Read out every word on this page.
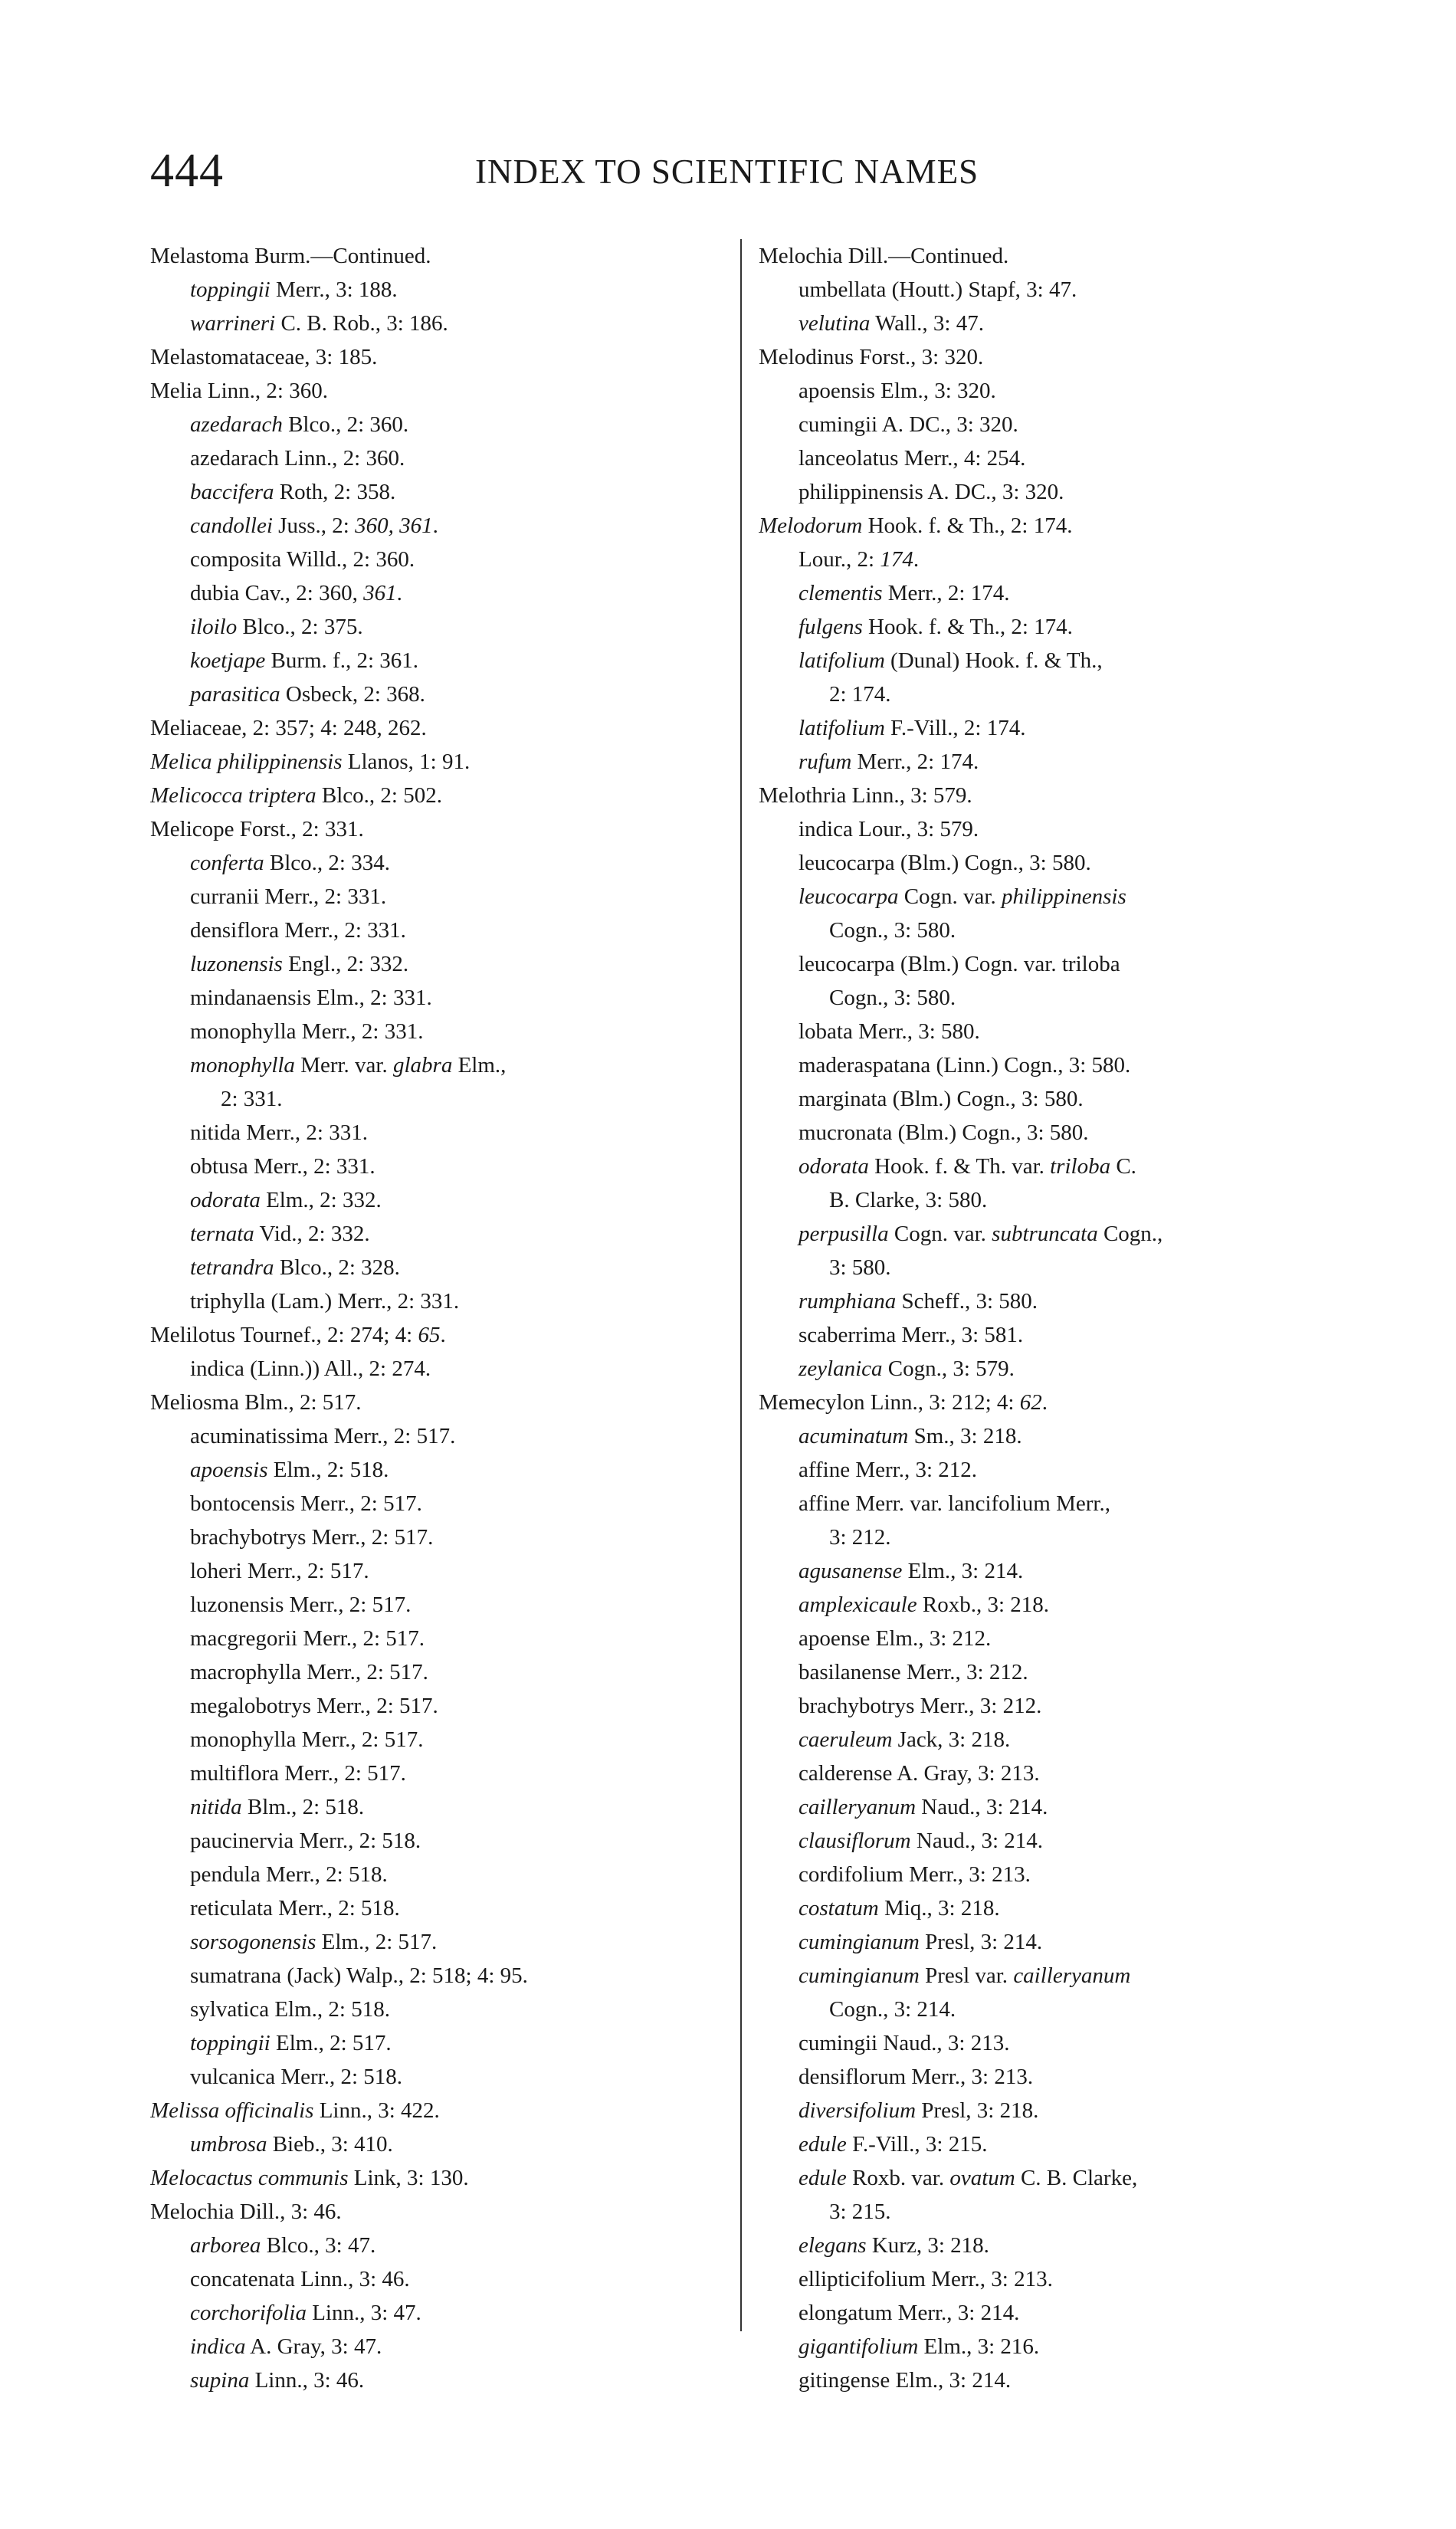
444	INDEX TO SCIENTIFIC NAMES
Melastoma Burm.—Continued.
toppingii Merr., 3: 188.
warrineri C. B. Rob., 3: 186.
Melastomataceae, 3: 185.
Melia Linn., 2: 360.
azedarach Blco., 2: 360.
azedarach Linn., 2: 360.
baccifera Roth, 2: 358.
candollei Juss., 2: 360, 361.
composita Willd., 2: 360.
dubia Cav., 2: 360, 361.
iloilo Blco., 2: 375.
koetjape Burm. f., 2: 361.
parasitica Osbeck, 2: 368.
Meliaceae, 2: 357; 4: 248, 262.
Melica philippinensis Llanos, 1: 91.
Melicocca triptera Blco., 2: 502.
Melicope Forst., 2: 331.
conferta Blco., 2: 334.
curranii Merr., 2: 331.
densiflora Merr., 2: 331.
luzonensis Engl., 2: 332.
mindanaensis Elm., 2: 331.
monophylla Merr., 2: 331.
monophylla Merr. var. glabra Elm.,
2: 331.
nitida Merr., 2: 331.
obtusa Merr., 2: 331.
odorata Elm., 2: 332.
ternata Vid., 2: 332.
tetrandra Blco., 2: 328.
triphylla (Lam.) Merr., 2: 331.
Melilotus Tournef., 2: 274; 4: 65.
indica (Linn.)) All., 2: 274.
Meliosma Blm., 2: 517.
acuminatissima Merr., 2: 517.
apoensis Elm., 2: 518.
bontocensis Merr., 2: 517.
brachybotrys Merr., 2: 517.
loheri Merr., 2: 517.
luzonensis Merr., 2: 517.
macgregorii Merr., 2: 517.
macrophylla Merr., 2: 517.
megalobotrys Merr., 2: 517.
monophylla Merr., 2: 517.
multiflora Merr., 2: 517.
nitida Blm., 2: 518.
paucinervia Merr., 2: 518.
pendula Merr., 2: 518.
reticulata Merr., 2: 518.
sorsogonensis Elm., 2: 517.
sumatrana (Jack) Walp., 2: 518; 4: 95.
sylvatica Elm., 2: 518.
toppingii Elm., 2: 517.
vulcanica Merr., 2: 518.
Melissa officinalis Linn., 3: 422.
umbrosa Bieb., 3: 410.
Melocactus communis Link, 3: 130.
Melochia Dill., 3: 46.
arborea Blco., 3: 47.
concatenata Linn., 3: 46.
corchorifolia Linn., 3: 47.
indica A. Gray, 3: 47.
supina Linn., 3: 46.
Melochia Dill.—Continued.
umbellata (Houtt.) Stapf, 3: 47.
velutina Wall., 3: 47.
Melodinus Forst., 3: 320.
apoensis Elm., 3: 320.
cumingii A. DC., 3: 320.
lanceolatus Merr., 4: 254.
philippinensis A. DC., 3: 320.
Melodorum Hook. f. & Th., 2: 174.
Lour., 2: 174.
clementis Merr., 2: 174.
fulgens Hook. f. & Th., 2: 174.
latifolium (Dunal) Hook. f. & Th.,
2: 174.
latifolium F.-Vill., 2: 174.
rufum Merr., 2: 174.
Melothria Linn., 3: 579.
indica Lour., 3: 579.
leucocarpa (Blm.) Cogn., 3: 580.
leucocarpa Cogn. var. philippinensis
Cogn., 3: 580.
leucocarpa (Blm.) Cogn. var. triloba
Cogn., 3: 580.
lobata Merr., 3: 580.
maderaspatana (Linn.) Cogn., 3: 580.
marginata (Blm.) Cogn., 3: 580.
mucronata (Blm.) Cogn., 3: 580.
odorata Hook. f. & Th. var. triloba C.
B. Clarke, 3: 580.
perpusilla Cogn. var. subtruncata Cogn.,
3: 580.
rumphiana Scheff., 3: 580.
scaberrima Merr., 3: 581.
zeylanica Cogn., 3: 579.
Memecylon Linn., 3: 212; 4: 62.
acuminatum Sm., 3: 218.
affine Merr., 3: 212.
affine Merr. var. lancifolium Merr.,
3: 212.
agusanense Elm., 3: 214.
amplexicaule Roxb., 3: 218.
apoense Elm., 3: 212.
basilanense Merr., 3: 212.
brachybotrys Merr., 3: 212.
caeruleum Jack, 3: 218.
calderense A. Gray, 3: 213.
cailleryanum Naud., 3: 214.
clausiflorum Naud., 3: 214.
cordifolium Merr., 3: 213.
costatum Miq., 3: 218.
cumingianum Presl, 3: 214.
cumingianum Presl var. cailleryanum
Cogn., 3: 214.
cumingii Naud., 3: 213.
densiflorum Merr., 3: 213.
diversifolium Presl, 3: 218.
edule F.-Vill., 3: 215.
edule Roxb. var. ovatum C. B. Clarke,
3: 215.
elegans Kurz, 3: 218.
ellipticifolium Merr., 3: 213.
elongatum Merr., 3: 214.
gigantifolium Elm., 3: 216.
gitingense Elm., 3: 214.
